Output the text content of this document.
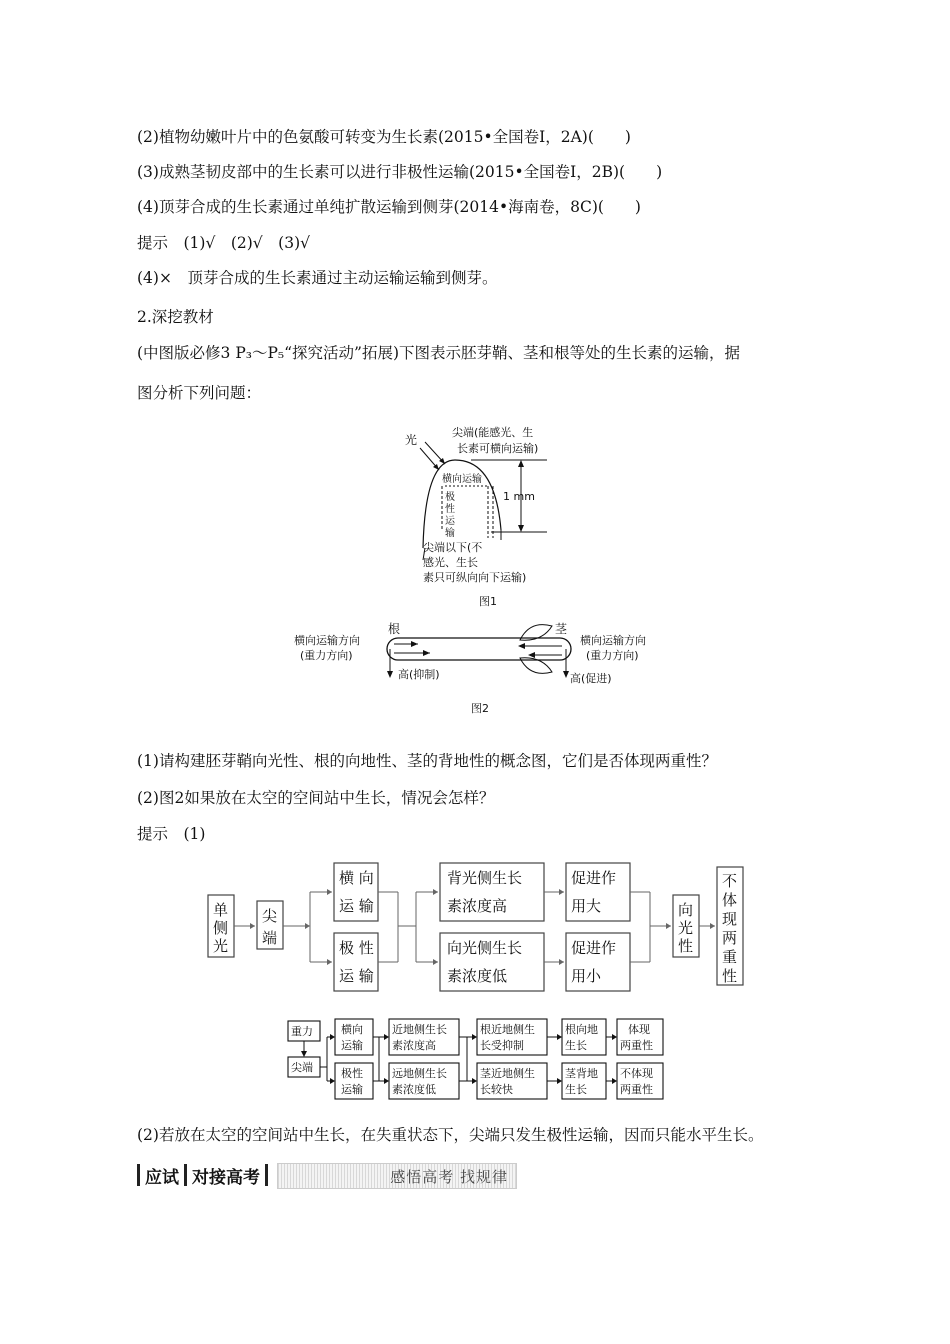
(2)植物幼嫩叶片中的色氨酸可转变为生长素(2015•全国卷Ⅰ，2A)(　　)
(3)成熟茎韧皮部中的生长素可以进行非极性运输(2015•全国卷Ⅰ，2B)(　　)
(4)顶芽合成的生长素通过单纯扩散运输到侧芽(2014•海南卷，8C)(　　)
提示　(1)√　(2)√　(3)√
(4)×　顶芽合成的生长素通过主动运输运输到侧芽。
2.深挖教材
(中图版必修3 P₃～P₅“探究活动”拓展)下图表示胚芽鞘、茎和根等处的生长素的运输，据
图分析下列问题：
光
尖端(能感光、生
长素可横向运输)
横向运输
极
性
运
输
1 mm
尖端以下(不
感光、生长
素只可纵向向下运输)
图1
根	茎
横向运输方向
(重力方向)
高(抑制)
横向运输方向
(重力方向)
高(促进)
图2
(1)请构建胚芽鞘向光性、根的向地性、茎的背地性的概念图，它们是否体现两重性？
(2)图2如果放在太空的空间站中生长，情况会怎样？
提示　(1)
单
侧
光
尖
端
横 向
运 输
极 性
运 输
背光侧生长
素浓度高
向光侧生长
素浓度低
促进作
用大
促进作
用小
向
光
性
不
体
现
两
重
性
重力
尖端
横向
运输
极性
运输
近地侧生长
素浓度高
远地侧生长
素浓度低
根近地侧生
长受抑制
茎近地侧生
长较快
根向地
生长
茎背地
生长
体现
两重性
不体现
两重性
(2)若放在太空的空间站中生长，在失重状态下，尖端只发生极性运输，因而只能水平生长。
应试 对接高考	感悟高考 找规律
